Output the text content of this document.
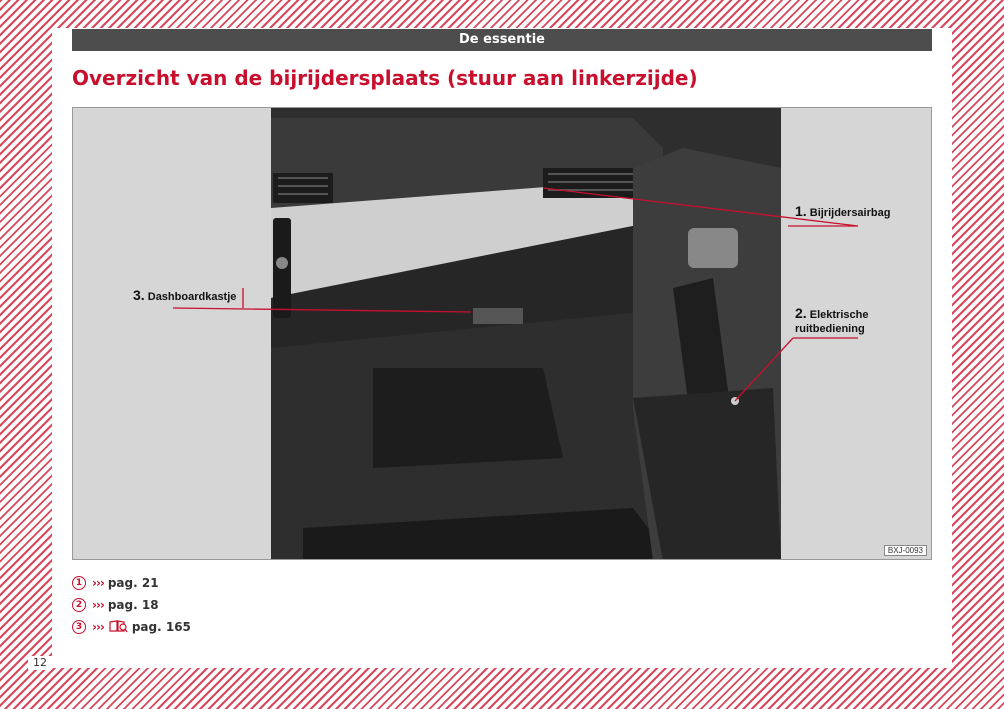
12
De essentie
Overzicht van de bijrijdersplaats (stuur aan linkerzijde)
1. Bijrijdersairbag
2. Elektrische
ruitbediening
3. Dashboardkastje
BXJ-0093
1 ››› pag. 21
2 ››› pag. 18
3 ››› pag. 165
